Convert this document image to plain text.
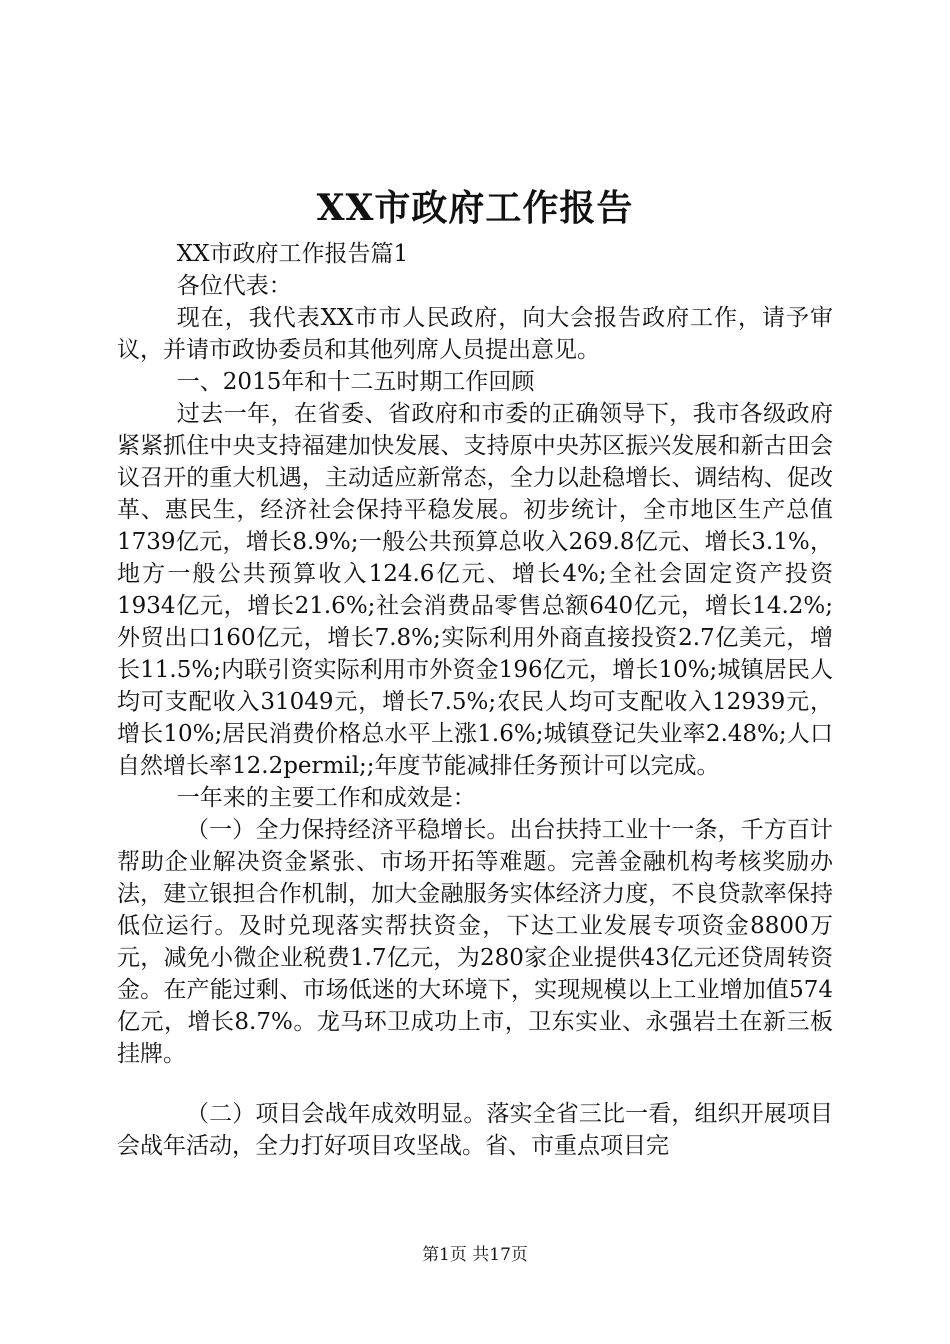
XX市政府工作报告

XX市政府工作报告篇1

各位代表：

现在，我代表XX市市人民政府，向大会报告政府工作，请予审议，并请市政协委员和其他列席人员提出意见。

一、2015年和十二五时期工作回顾

过去一年，在省委、省政府和市委的正确领导下，我市各级政府紧紧抓住中央支持福建加快发展、支持原中央苏区振兴发展和新古田会议召开的重大机遇，主动适应新常态，全力以赴稳增长、调结构、促改革、惠民生，经济社会保持平稳发展。初步统计，全市地区生产总值1739亿元，增长8.9%;一般公共预算总收入269.8亿元、增长3.1%，地方一般公共预算收入124.6亿元、增长4%;全社会固定资产投资1934亿元，增长21.6%;社会消费品零售总额640亿元，增长14.2%;外贸出口160亿元，增长7.8%;实际利用外商直接投资2.7亿美元，增长11.5%;内联引资实际利用市外资金196亿元，增长10%;城镇居民人均可支配收入31049元，增长7.5%;农民人均可支配收入12939元，增长10%;居民消费价格总水平上涨1.6%;城镇登记失业率2.48%;人口自然增长率12.2permil;;年度节能减排任务预计可以完成。

一年来的主要工作和成效是：

（一）全力保持经济平稳增长。出台扶持工业十一条，千方百计帮助企业解决资金紧张、市场开拓等难题。完善金融机构考核奖励办法，建立银担合作机制，加大金融服务实体经济力度，不良贷款率保持低位运行。及时兑现落实帮扶资金，下达工业发展专项资金8800万元，减免小微企业税费1.7亿元，为280家企业提供43亿元还贷周转资金。在产能过剩、市场低迷的大环境下，实现规模以上工业增加值574亿元，增长8.7%。龙马环卫成功上市，卫东实业、永强岩土在新三板挂牌。

（二）项目会战年成效明显。落实全省三比一看，组织开展项目会战年活动，全力打好项目攻坚战。省、市重点项目完

第1页 共17页
